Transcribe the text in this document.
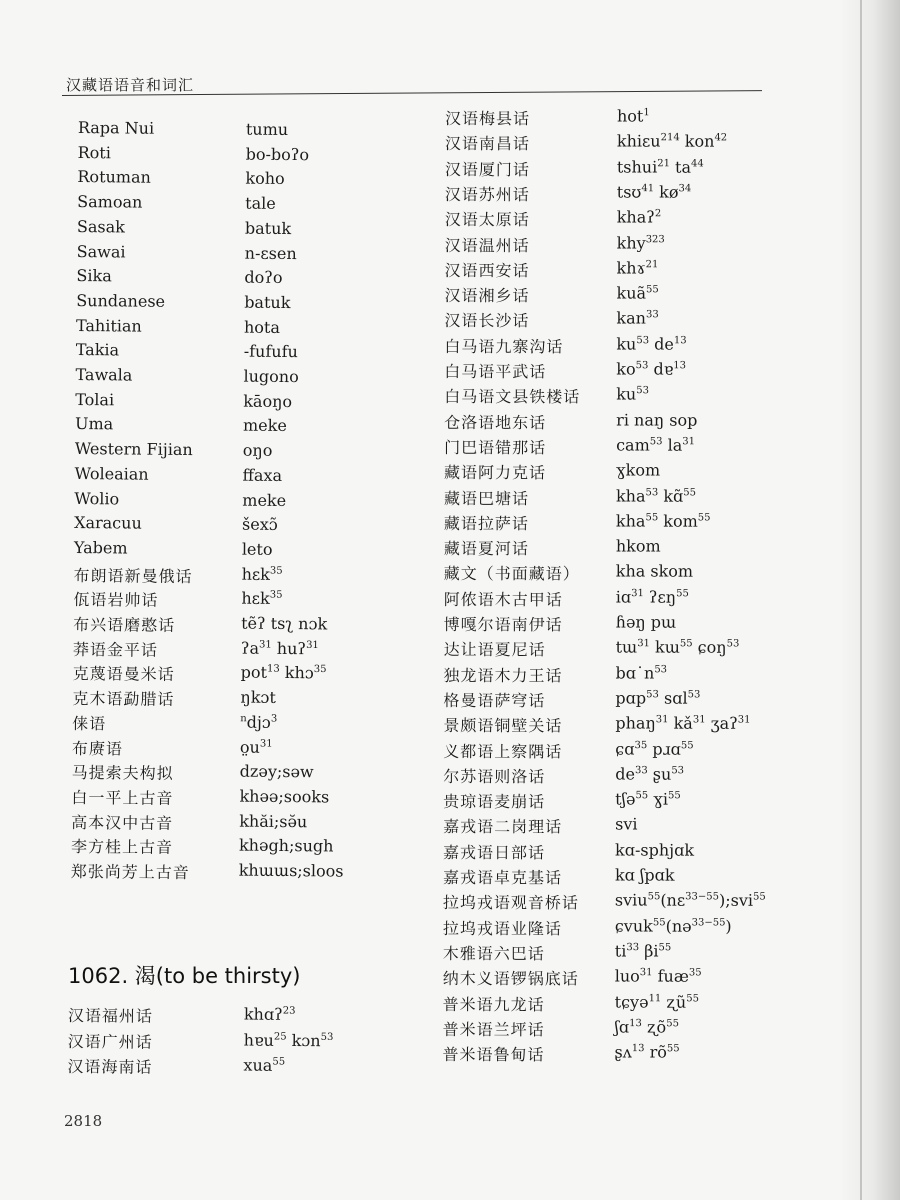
汉藏语语音和词汇
Rapa Nui	tumu
Roti	bo-boʔo
Rotuman	koho
Samoan	tale
Sasak	batuk
Sawai	n-ɛsen
Sika	doʔo
Sundanese	batuk
Tahitian	hota
Takia	-fufufu
Tawala	lugono
Tolai	kāoŋo
Uma	meke
Western Fijian	oŋo
Woleaian	ffaxa
Wolio	meke
Xaracuu	šexɔ̃
Yabem	leto
布朗语新曼俄话	hɛk$^{35}$
佤语岩帅话	hɛk$^{35}$
布兴语磨憨话	tẽʔ tsʅ nɔk
莽语金平话	ʔa$^{31}$ huʔ$^{31}$
克蔑语曼米话	pot$^{13}$ khɔ$^{35}$
克木语勐腊话	ŋkɔt
俫语	$^n$djɔ$^3$
布赓语	$o̤u^{31}$
马提索夫构拟	dzəy;səw
白一平上古音	khəə;sooks
高本汉中古音	khăi;sə̆u
李方桂上古音	khəgh;sugh
郑张尚芳上古音	khɯɯs;sloos
1062. 渴(to be thirsty)
汉语福州话	khɑʔ$^{23}$
汉语广州话	hɐu$^{25}$ kɔn$^{53}$
汉语海南话	xua$^{55}$
汉语梅县话	hot$^1$
汉语南昌话	khiɛu$^{214}$ kon$^{42}$
汉语厦门话	tshui$^{21}$ $ta^{44}$
汉语苏州话	tsʊ$^{41}$ $kø^{34}$
汉语太原话	khaʔ$^2$
汉语温州话	khy$^{323}$
汉语西安话	khɤ$^{21}$
汉语湘乡话	kuã$^{55}$
汉语长沙话	kan$^{33}$
白马语九寨沟话	$ku^{53}$ $de^{13}$
白马语平武话	$ko^{53}$ dɐ$^{13}$
白马语文县铁楼话 $ku^{53}$
仓洛语地东话	ri naŋ sop
门巴语错那话	cam$^{53}$ $la^{31}$
藏语阿力克话	ɣkom
藏语巴塘话	kha$^{53}$ kɑ̃$^{55}$
藏语拉萨话	kha$^{55}$ kom$^{55}$
藏语夏河话	hkom
藏文（书面藏语） kha skom
阿侬语木古甲话	iɑ$^{31}$ ʔɛŋ$^{55}$
博嘎尔语南伊话	ɦəŋ pɯ
达让语夏尼话	tɯ$^{31}$ kɯ$^{55}$ ɕoŋ$^{53}$
独龙语木力王话	$bɑ˙n^{53}$
格曼语萨穹话	pɑp$^{53}$ sɑl$^{53}$
景颇语铜壁关话	phaŋ$^{31}$ $kǎ^{31}$ ʒaʔ$^{31}$
义都语上察隅话	ɕɑ$^{35}$ pɹɑ$^{55}$
尔苏语则洛话	$de^{33}$ ʂu$^{53}$
贵琼语麦崩话	tʃə$^{55}$ ɣi$^{55}$
嘉戎语二岗理话	svi
嘉戎语日部话	kɑ-sphjɑk
嘉戎语卓克基话	kɑ ʃpɑk
拉坞戎语观音桥话 sviu$^{55}$(nɛ$^{33-55}$);svi$^{55}$
拉坞戎语业隆话	ɕvuk$^{55}$(nə$^{33-55}$)
木雅语六巴话	$ti^{33}$ $\beta i^{55}$
纳木义语锣锅底话 luo$^{31}$ fuæ$^{35}$
普米语九龙话	tɕyə$^{11}$ ʐũ$^{55}$
普米语兰坪话	ʃɑ$^{13}$ ʐõ$^{55}$
普米语鲁甸话	ʂʌ$^{13}$ $rõ^{55}$
2818
